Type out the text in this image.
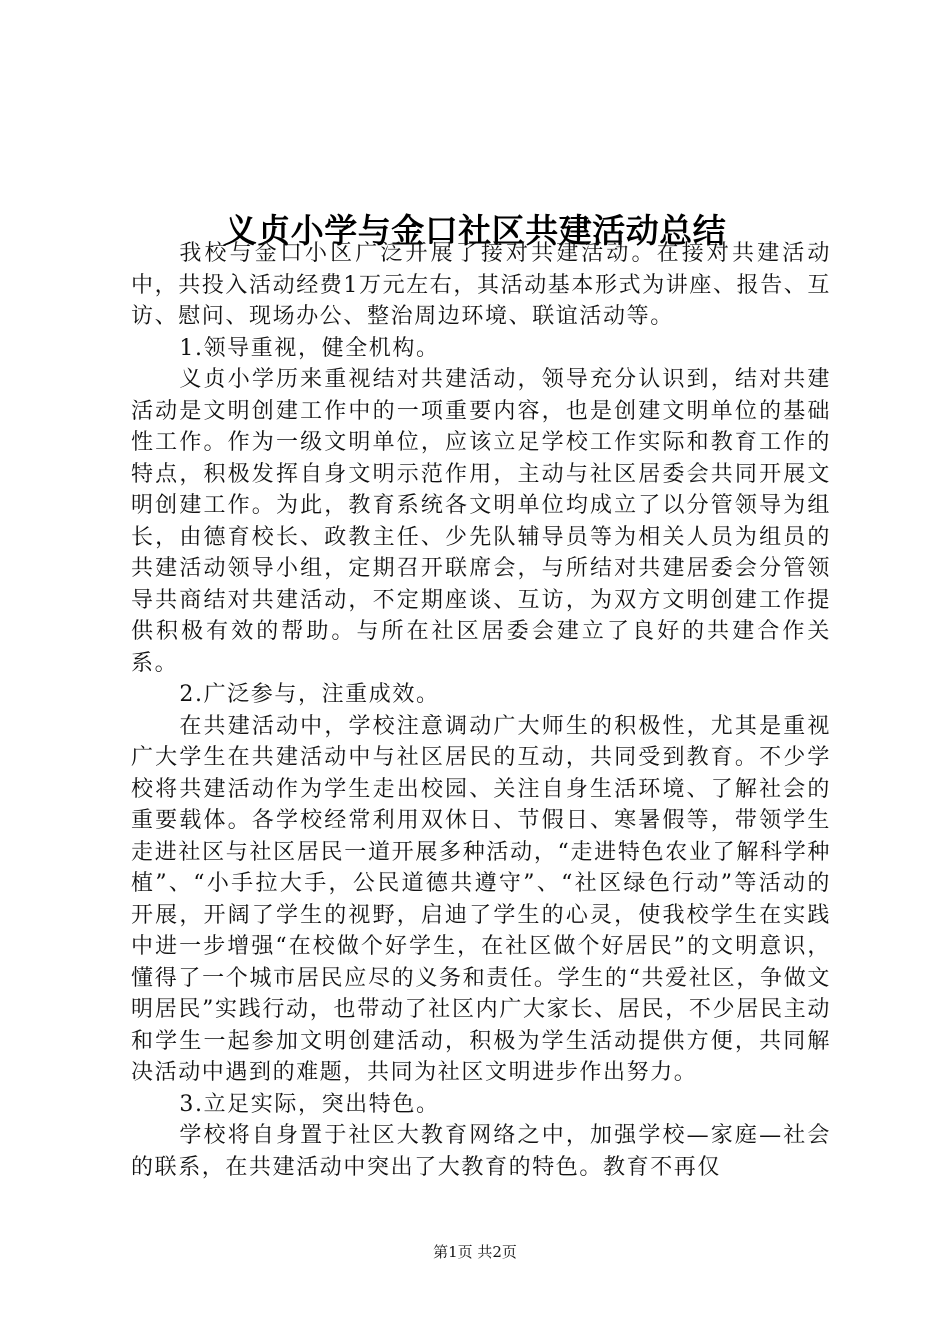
义贞小学与金口社区共建活动总结

我校与金口小区广泛开展了接对共建活动。在接对共建活动中，共投入活动经费1万元左右，其活动基本形式为讲座、报告、互访、慰问、现场办公、整治周边环境、联谊活动等。

1.领导重视，健全机构。

义贞小学历来重视结对共建活动，领导充分认识到，结对共建活动是文明创建工作中的一项重要内容，也是创建文明单位的基础性工作。作为一级文明单位，应该立足学校工作实际和教育工作的特点，积极发挥自身文明示范作用，主动与社区居委会共同开展文明创建工作。为此，教育系统各文明单位均成立了以分管领导为组长，由德育校长、政教主任、少先队辅导员等为相关人员为组员的共建活动领导小组，定期召开联席会，与所结对共建居委会分管领导共商结对共建活动，不定期座谈、互访，为双方文明创建工作提供积极有效的帮助。与所在社区居委会建立了良好的共建合作关系。

2.广泛参与，注重成效。

在共建活动中，学校注意调动广大师生的积极性，尤其是重视广大学生在共建活动中与社区居民的互动，共同受到教育。不少学校将共建活动作为学生走出校园、关注自身生活环境、了解社会的重要载体。各学校经常利用双休日、节假日、寒暑假等，带领学生走进社区与社区居民一道开展多种活动，“走进特色农业了解科学种植”、“小手拉大手，公民道德共遵守”、“社区绿色行动”等活动的开展，开阔了学生的视野，启迪了学生的心灵，使我校学生在实践中进一步增强“在校做个好学生，在社区做个好居民”的文明意识，懂得了一个城市居民应尽的义务和责任。学生的“共爱社区，争做文明居民”实践行动，也带动了社区内广大家长、居民，不少居民主动和学生一起参加文明创建活动，积极为学生活动提供方便，共同解决活动中遇到的难题，共同为社区文明进步作出努力。

3.立足实际，突出特色。

学校将自身置于社区大教育网络之中，加强学校—家庭—社会的联系，在共建活动中突出了大教育的特色。教育不再仅

第1页 共2页
